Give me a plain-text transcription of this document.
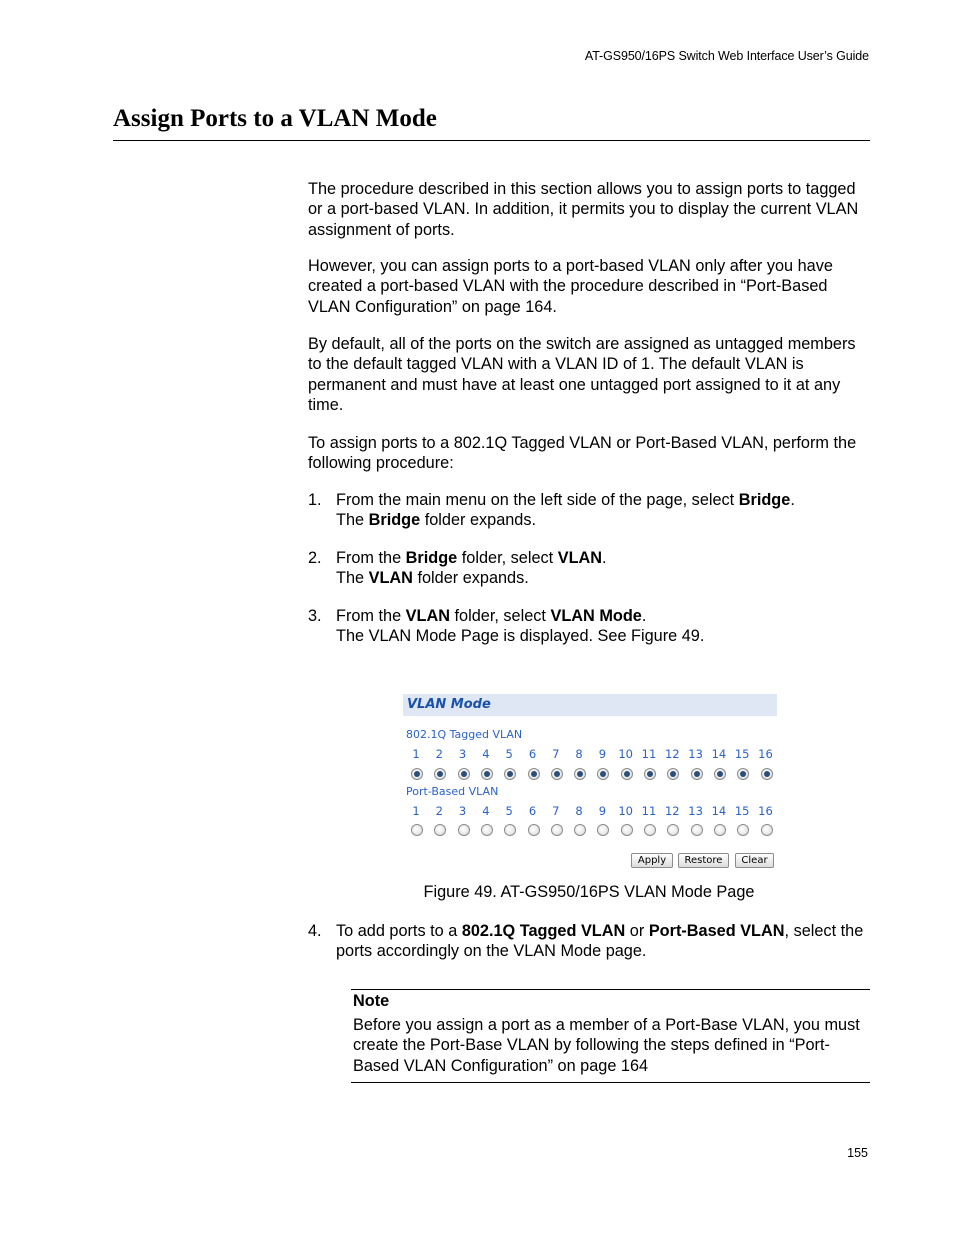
AT-GS950/16PS Switch Web Interface User’s Guide
Assign Ports to a VLAN Mode

The procedure described in this section allows you to assign ports to tagged or a port-based VLAN. In addition, it permits you to display the current VLAN assignment of ports.

However, you can assign ports to a port-based VLAN only after you have created a port-based VLAN with the procedure described in “Port-Based VLAN Configuration” on page 164.

By default, all of the ports on the switch are assigned as untagged members to the default tagged VLAN with a VLAN ID of 1. The default VLAN is permanent and must have at least one untagged port assigned to it at any time.

To assign ports to a 802.1Q Tagged VLAN or Port-Based VLAN, perform the following procedure:

1. From the main menu on the left side of the page, select Bridge.
The Bridge folder expands.
2. From the Bridge folder, select VLAN.
The VLAN folder expands.
3. From the VLAN folder, select VLAN Mode.
The VLAN Mode Page is displayed. See Figure 49.
VLAN Mode
802.1Q Tagged VLAN
1	2	3	4	5	6	7	8	9	10 11 12 13 14 15 16
Port-Based VLAN
1	2	3	4	5	6	7	8	9	10 11 12 13 14 15 16
Apply	Restore	Clear
Figure 49. AT-GS950/16PS VLAN Mode Page
4. To add ports to a 802.1Q Tagged VLAN or Port-Based VLAN, select the ports accordingly on the VLAN Mode page.
Note

Before you assign a port as a member of a Port-Base VLAN, you must create the Port-Base VLAN by following the steps defined in “Port-Based VLAN Configuration” on page 164

155
